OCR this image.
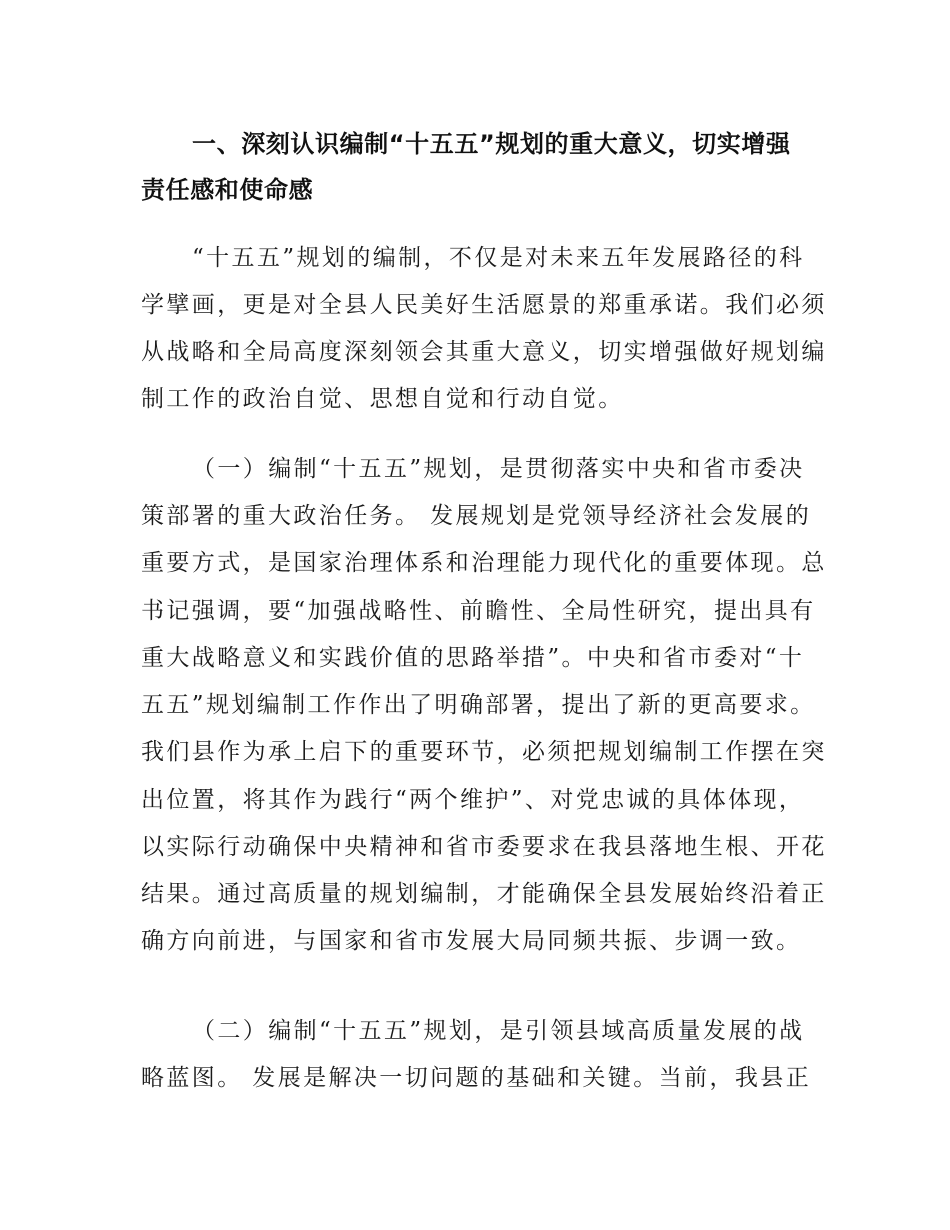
一、深刻认识编制“十五五”规划的重大意义，切实增强
责任感和使命感
“十五五”规划的编制，不仅是对未来五年发展路径的科
学擘画，更是对全县人民美好生活愿景的郑重承诺。我们必须
从战略和全局高度深刻领会其重大意义，切实增强做好规划编
制工作的政治自觉、思想自觉和行动自觉。
（一）编制“十五五”规划，是贯彻落实中央和省市委决
策部署的重大政治任务。 发展规划是党领导经济社会发展的
重要方式，是国家治理体系和治理能力现代化的重要体现。总
书记强调，要“加强战略性、前瞻性、全局性研究，提出具有
重大战略意义和实践价值的思路举措”。中央和省市委对“十
五五”规划编制工作作出了明确部署，提出了新的更高要求。
我们县作为承上启下的重要环节，必须把规划编制工作摆在突
出位置，将其作为践行“两个维护”、对党忠诚的具体体现，
以实际行动确保中央精神和省市委要求在我县落地生根、开花
结果。通过高质量的规划编制，才能确保全县发展始终沿着正
确方向前进，与国家和省市发展大局同频共振、步调一致。
（二）编制“十五五”规划，是引领县域高质量发展的战
略蓝图。 发展是解决一切问题的基础和关键。当前，我县正
